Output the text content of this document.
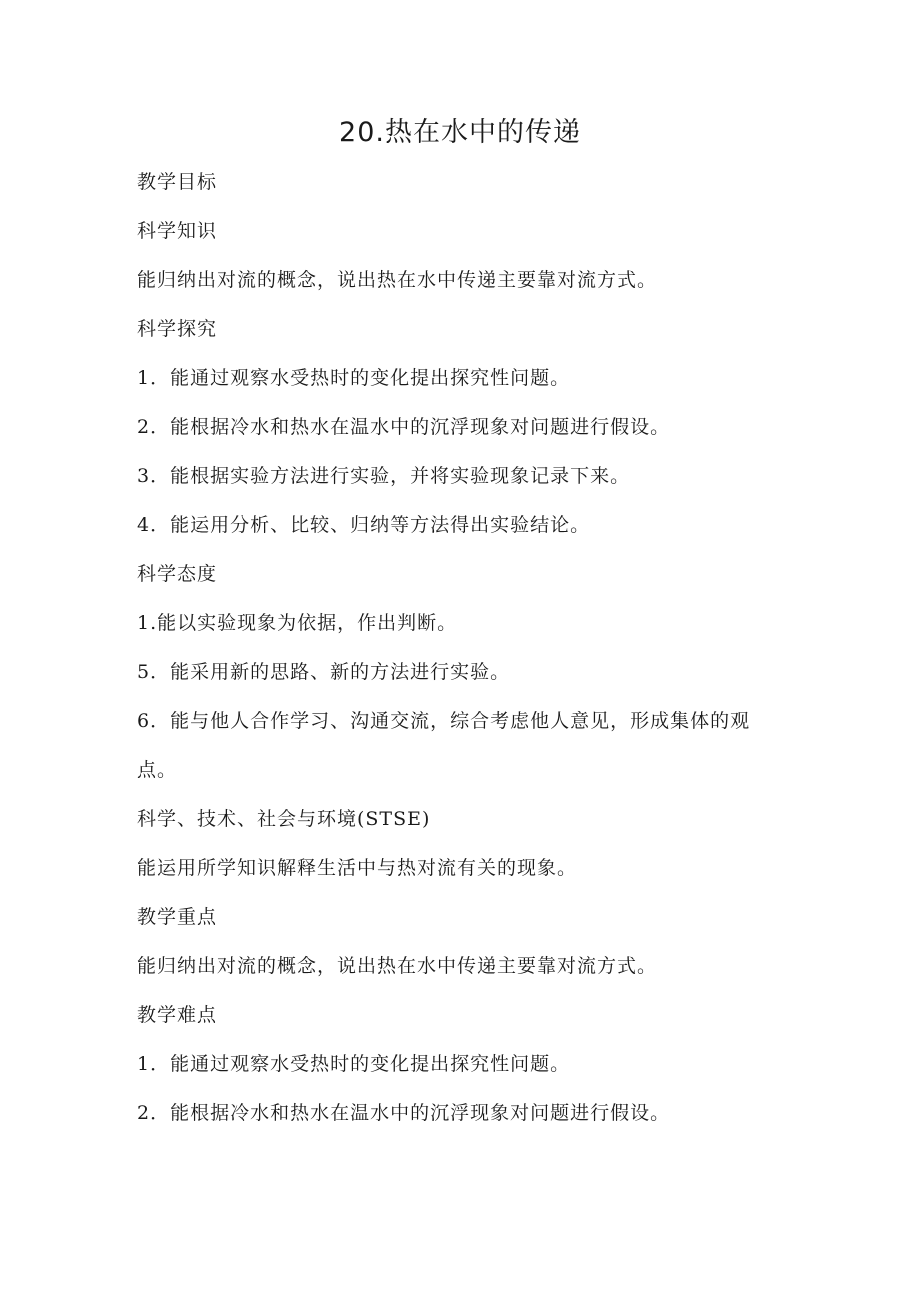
20.热在水中的传递
教学目标
科学知识
能归纳出对流的概念，说出热在水中传递主要靠对流方式。
科学探究
1．能通过观察水受热时的变化提出探究性问题。
2．能根据冷水和热水在温水中的沉浮现象对问题进行假设。
3．能根据实验方法进行实验，并将实验现象记录下来。
4．能运用分析、比较、归纳等方法得出实验结论。
科学态度
1.能以实验现象为依据，作出判断。
5．能采用新的思路、新的方法进行实验。
6．能与他人合作学习、沟通交流，综合考虑他人意见，形成集体的观
点。
科学、技术、社会与环境(STSE)
能运用所学知识解释生活中与热对流有关的现象。
教学重点
能归纳出对流的概念，说出热在水中传递主要靠对流方式。
教学难点
1．能通过观察水受热时的变化提出探究性问题。
2．能根据冷水和热水在温水中的沉浮现象对问题进行假设。
